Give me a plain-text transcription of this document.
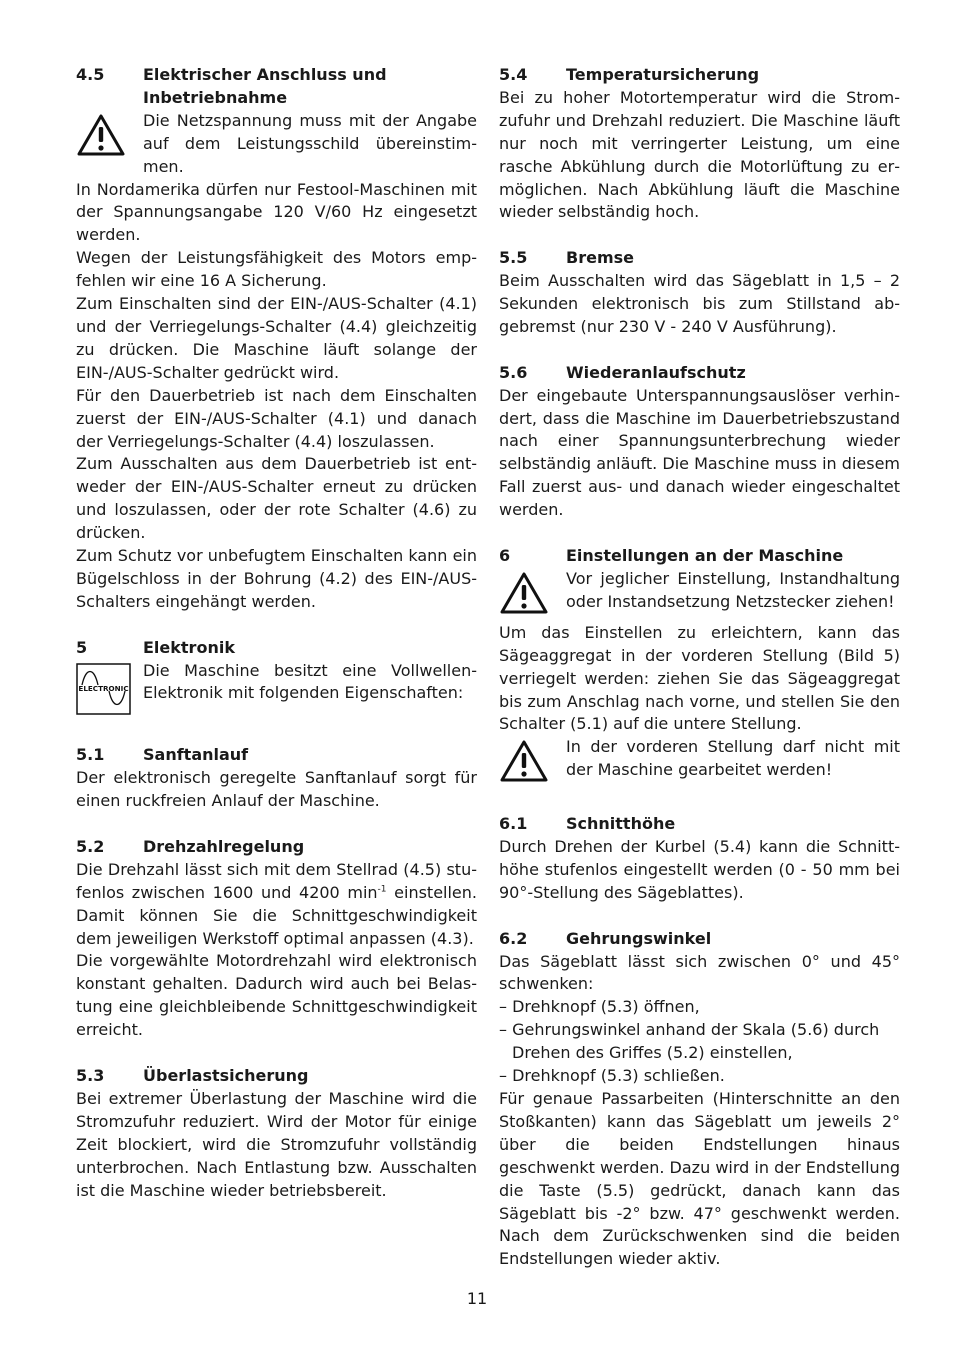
4.5	Elektrischer Anschluss und Inbetriebnahme
Die Netzspannung muss mit der Angabe auf dem Leistungsschild übereinstimmen.

In Nordamerika dürfen nur Festool-Maschinen mit der Spannungsangabe 120 V/60 Hz eingesetzt werden.

Wegen der Leistungsfähigkeit des Motors empfehlen wir eine 16 A Sicherung.

Zum Einschalten sind der EIN-/AUS-Schalter (4.1) und der Verriegelungs-Schalter (4.4) gleichzeitig zu drücken. Die Maschine läuft solange der EIN-/AUS-Schalter gedrückt wird.

Für den Dauerbetrieb ist nach dem Einschalten zuerst der EIN-/AUS-Schalter (4.1) und danach der Verriegelungs-Schalter (4.4) loszulassen.

Zum Ausschalten aus dem Dauerbetrieb ist entweder der EIN-/AUS-Schalter erneut zu drücken und loszulassen, oder der rote Schalter (4.6) zu drücken.

Zum Schutz vor unbefugtem Einschalten kann ein Bügelschloss in der Bohrung (4.2) des EIN-/AUS-Schalters eingehängt werden.

5	Elektronik
ELECTRONIC
Die Maschine besitzt eine Vollwellen-Elektronik mit folgenden Eigenschaften:
5.1	Sanftanlauf

Der elektronisch geregelte Sanftanlauf sorgt für einen ruckfreien Anlauf der Maschine.

5.2	Drehzahlregelung

Die Drehzahl lässt sich mit dem Stellrad (4.5) stufenlos zwischen 1600 und 4200 $\min^{-1}$ einstellen. Damit können Sie die Schnittgeschwindigkeit dem jeweiligen Werkstoff optimal anpassen (4.3).

Die vorgewählte Motordrehzahl wird elektronisch konstant gehalten. Dadurch wird auch bei Belastung eine gleichbleibende Schnittgeschwindigkeit erreicht.

5.3	Überlastsicherung

Bei extremer Überlastung der Maschine wird die Stromzufuhr reduziert. Wird der Motor für einige Zeit blockiert, wird die Stromzufuhr vollständig unterbrochen. Nach Entlastung bzw. Ausschalten ist die Maschine wieder betriebsbereit.

5.4	Temperatursicherung

Bei zu hoher Motortemperatur wird die Stromzufuhr und Drehzahl reduziert. Die Maschine läuft nur noch mit verringerter Leistung, um eine rasche Abkühlung durch die Motorlüftung zu ermöglichen. Nach Abkühlung läuft die Maschine wieder selbständig hoch.

5.5	Bremse

Beim Ausschalten wird das Sägeblatt in 1,5 – 2 Sekunden elektronisch bis zum Stillstand abgebremst (nur 230 V - 240 V Ausführung).

5.6	Wiederanlaufschutz

Der eingebaute Unterspannungsauslöser verhindert, dass die Maschine im Dauerbetriebszustand nach einer Spannungsunterbrechung wieder selbständig anläuft. Die Maschine muss in diesem Fall zuerst aus- und danach wieder eingeschaltet werden.

6	Einstellungen an der Maschine
Vor jeglicher Einstellung, Instandhaltung oder Instandsetzung Netzstecker ziehen!

Um das Einstellen zu erleichtern, kann das Sägeaggregat in der vorderen Stellung (Bild 5) verriegelt werden: ziehen Sie das Sägeaggregat bis zum Anschlag nach vorne, und stellen Sie den Schalter (5.1) auf die untere Stellung.

In der vorderen Stellung darf nicht mit der Maschine gearbeitet werden!
6.1	Schnitthöhe

Durch Drehen der Kurbel (5.4) kann die Schnitthöhe stufenlos eingestellt werden (0 - 50 mm bei 90°-Stellung des Sägeblattes).

6.2	Gehrungswinkel

Das Sägeblatt lässt sich zwischen 0° und 45° schwenken:

– Drehknopf (5.3) öffnen,
– Gehrungswinkel anhand der Skala (5.6) durch Drehen des Griffes (5.2) einstellen,
– Drehknopf (5.3) schließen.

Für genaue Passarbeiten (Hinterschnitte an den Stoßkanten) kann das Sägeblatt um jeweils 2° über die beiden Endstellungen hinaus geschwenkt werden. Dazu wird in der Endstellung die Taste (5.5) gedrückt, danach kann das Sägeblatt bis -2° bzw. 47° geschwenkt werden. Nach dem Zurückschwenken sind die beiden Endstellungen wieder aktiv.

11
